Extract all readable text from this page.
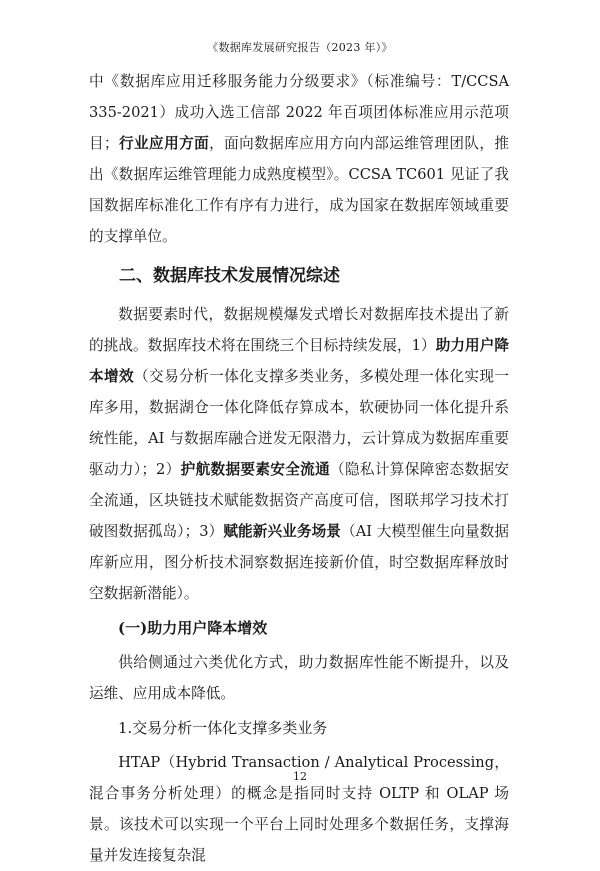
《数据库发展研究报告（2023 年）》

中《数据库应用迁移服务能力分级要求》（标准编号：T/CCSA 335-2021）成功入选工信部 2022 年百项团体标准应用示范项目；行业应用方面，面向数据库应用方向内部运维管理团队，推出《数据库运维管理能力成熟度模型》。CCSA TC601 见证了我国数据库标准化工作有序有力进行，成为国家在数据库领域重要的支撑单位。

二、数据库技术发展情况综述

数据要素时代，数据规模爆发式增长对数据库技术提出了新的挑战。数据库技术将在围绕三个目标持续发展，1）助力用户降本增效（交易分析一体化支撑多类业务，多模处理一体化实现一库多用，数据湖仓一体化降低存算成本，软硬协同一体化提升系统性能，AI 与数据库融合迸发无限潜力，云计算成为数据库重要驱动力）；2）护航数据要素安全流通（隐私计算保障密态数据安全流通，区块链技术赋能数据资产高度可信，图联邦学习技术打破图数据孤岛）；3）赋能新兴业务场景（AI 大模型催生向量数据库新应用，图分析技术洞察数据连接新价值，时空数据库释放时空数据新潜能）。

(一)助力用户降本增效

供给侧通过六类优化方式，助力数据库性能不断提升，以及运维、应用成本降低。

1.交易分析一体化支撑多类业务

HTAP（Hybrid Transaction / Analytical Processing，混合事务分析处理）的概念是指同时支持 OLTP 和 OLAP 场景。该技术可以实现一个平台上同时处理多个数据任务，支撑海量并发连接复杂混

12
